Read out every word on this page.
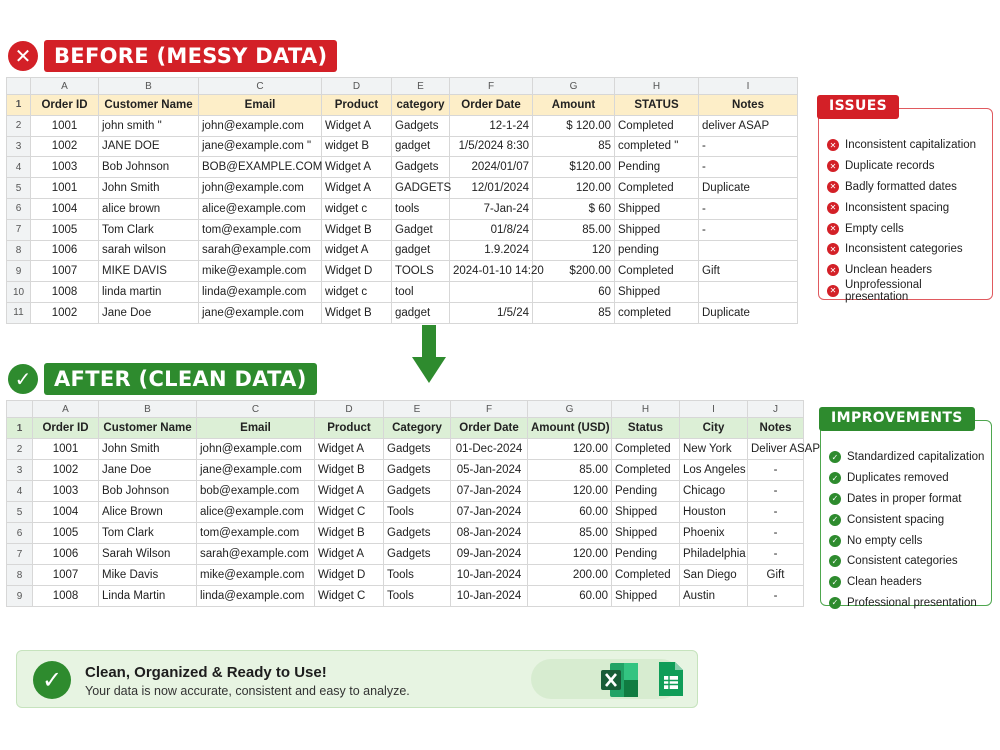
✕	BEFORE (MESSY DATA)
	A	B	C	D	E	F	G	H	I
1	Order ID	Customer Name	Email	Product	category	Order Date	Amount	STATUS	Notes
2	1001	john smith "	john@example.com	Widget A	Gadgets	12-1-24	$ 120.00	Completed	deliver ASAP
3	1002	JANE DOE	jane@example.com "	widget B	gadget	1/5/2024 8:30	85	completed "	-
4	1003	Bob Johnson	BOB@EXAMPLE.COM	Widget A	Gadgets	2024/01/07	$120.00	Pending	-
5	1001	John Smith	john@example.com	Widget A	GADGETS	12/01/2024	120.00	Completed	Duplicate
6	1004	alice brown	alice@example.com	widget c	tools	7-Jan-24	$ 60	Shipped	-
7	1005	Tom Clark	tom@example.com	Widget B	Gadget	01/8/24	85.00	Shipped	-
8	1006	sarah wilson	sarah@example.com	widget A	gadget	1.9.2024	120	pending	
9	1007	MIKE DAVIS	mike@example.com	Widget D	TOOLS	2024-01-10 14:20	$200.00	Completed	Gift
10	1008	linda martin	linda@example.com	widget c	tool		60	Shipped	
11	1002	Jane Doe	jane@example.com	Widget B	gadget	1/5/24	85	completed	Duplicate
ISSUES
✕ Inconsistent capitalization
✕ Duplicate records
✕ Badly formatted dates
✕ Inconsistent spacing
✕ Empty cells
✕ Inconsistent categories
✕ Unclean headers
✕ Unprofessional presentation
✓	AFTER (CLEAN DATA)
	A	B	C	D	E	F	G	H	I	J
1	Order ID	Customer Name	Email	Product	Category	Order Date	Amount (USD)	Status	City	Notes
2	1001	John Smith	john@example.com	Widget A	Gadgets	01-Dec-2024	120.00	Completed	New York	Deliver ASAP
3	1002	Jane Doe	jane@example.com	Widget B	Gadgets	05-Jan-2024	85.00	Completed	Los Angeles	-
4	1003	Bob Johnson	bob@example.com	Widget A	Gadgets	07-Jan-2024	120.00	Pending	Chicago	-
5	1004	Alice Brown	alice@example.com	Widget C	Tools	07-Jan-2024	60.00	Shipped	Houston	-
6	1005	Tom Clark	tom@example.com	Widget B	Gadgets	08-Jan-2024	85.00	Shipped	Phoenix	-
7	1006	Sarah Wilson	sarah@example.com	Widget A	Gadgets	09-Jan-2024	120.00	Pending	Philadelphia	-
8	1007	Mike Davis	mike@example.com	Widget D	Tools	10-Jan-2024	200.00	Completed	San Diego	Gift
9	1008	Linda Martin	linda@example.com	Widget C	Tools	10-Jan-2024	60.00	Shipped	Austin	-
IMPROVEMENTS
✓ Standardized capitalization
✓ Duplicates removed
✓ Dates in proper format
✓ Consistent spacing
✓ No empty cells
✓ Consistent categories
✓ Clean headers
✓ Professional presentation
✓	Clean, Organized & Ready to Use!
Your data is now accurate, consistent and easy to analyze.
